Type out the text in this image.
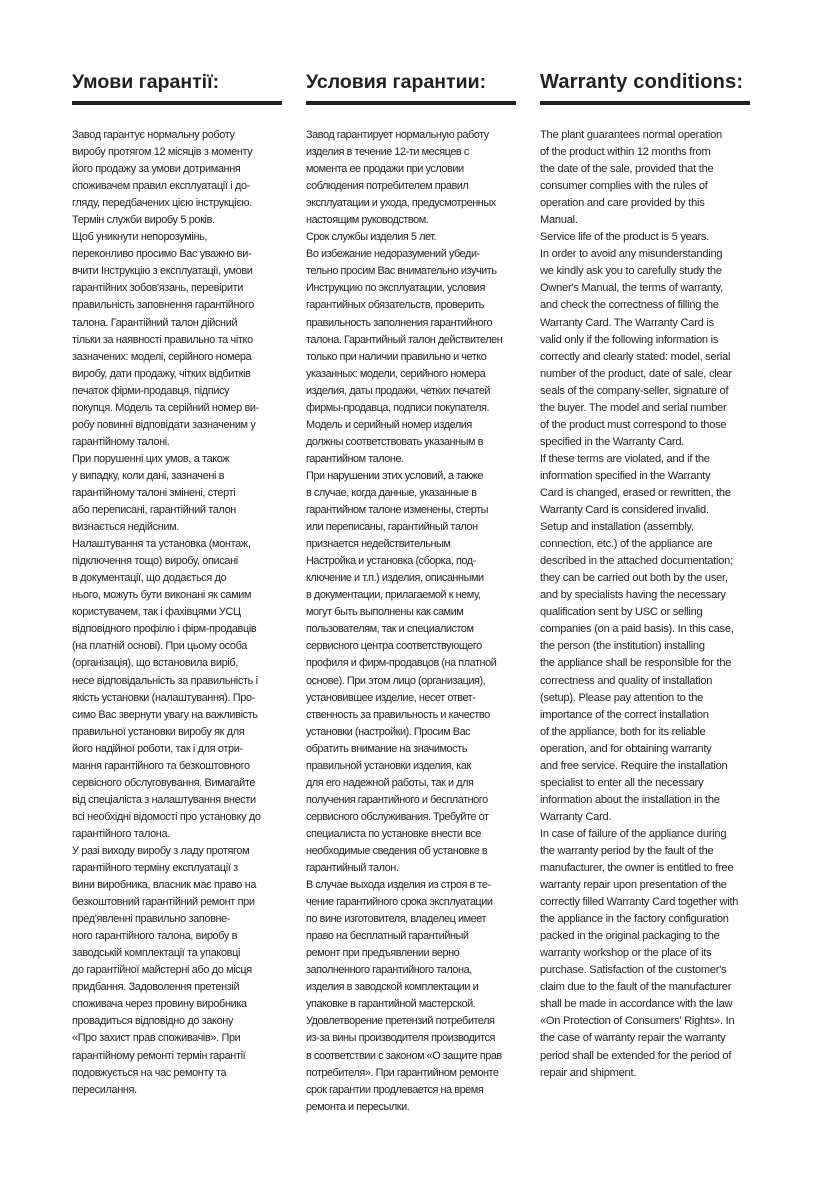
Умови гарантії:
Завод гарантує нормальну роботу
виробу протягом 12 місяців з моменту
його продажу за умови дотримання
споживачем правил експлуатації і до-
гляду, передбачених цією інструкцією.
Термін служби виробу 5 років.
Щоб уникнути непорозумінь,
переконливо просимо Вас уважно ви-
вчити Інструкцію з експлуатації, умови
гарантійних зобов'язань, перевірити
правильність заповнення гарантійного
талона. Гарантійний талон дійсний
тільки за наявності правильно та чітко
зазначених: моделі, серійного номера
виробу, дати продажу, чітких відбитків
печаток фірми-продавця, підпису
покупця. Модель та серійний номер ви-
робу повинні відповідати зазначеним у
гарантійному талоні.
При порушенні цих умов, а також
у випадку, коли дані, зазначені в
гарантійному талоні змінені, стерті
або переписані, гарантійний талон
визнається недійсним.
Налаштування та установка (монтаж,
підключення тощо) виробу, описані
в документації, що додається до
нього, можуть бути виконані як самим
користувачем, так і фахівцями УСЦ
відповідного профілю і фірм-продавців
(на платній основі). При цьому особа
(організація), що встановила виріб,
несе відповідальність за правильність і
якість установки (налаштування). Про-
симо Вас звернути увагу на важливість
правильної установки виробу як для
його надійної роботи, так і для отри-
мання гарантійного та безкоштовного
сервісного обслуговування. Вимагайте
від спеціаліста з налаштування внести
всі необхідні відомості про установку до
гарантійного талона.
У разі виходу виробу з ладу протягом
гарантійного терміну експлуатації з
вини виробника, власник має право на
безкоштовний гарантійний ремонт при
пред'явленні правильно заповне-
ного гарантійного талона, виробу в
заводській комплектації та упаковці
до гарантійної майстерні або до місця
придбання. Задоволення претензій
споживача через провину виробника
провадиться відповідно до закону
«Про захист прав споживачів». При
гарантійному ремонті термін гарантії
подовжується на час ремонту та
пересилання.
Условия гарантии:
Завод гарантирует нормальную работу
изделия в течение 12-ти месяцев с
момента ее продажи при условии
соблюдения потребителем правил
эксплуатации и ухода, предусмотренных
настоящим руководством.
Срок службы изделия 5 лет.
Во избежание недоразумений убеди-
тельно просим Вас внимательно изучить
Инструкцию по эксплуатации, условия
гарантийных обязательств, проверить
правильность заполнения гарантийного
талона. Гарантийный талон действителен
только при наличии правильно и четко
указанных: модели, серийного номера
изделия, даты продажи, четких печатей
фирмы-продавца, подписи покупателя.
Модель и серийный номер изделия
должны соответствовать указанным в
гарантийном талоне.
При нарушении этих условий, а также
в случае, когда данные, указанные в
гарантийном талоне изменены, стерты
или переписаны, гарантийный талон
признается недействительным
Настройка и установка (сборка, под-
ключение и т.п.) изделия, описанными
в документации, прилагаемой к нему,
могут быть выполнены как самим
пользователям, так и специалистом
сервисного центра соответствующего
профиля и фирм-продавцов (на платной
основе). При этом лицо (организация),
установившее изделие, несет ответ-
ственность за правильность и качество
установки (настройки). Просим Вас
обратить внимание на значимость
правильной установки изделия, как
для его надежной работы, так и для
получения гарантийного и бесплатного
сервисного обслуживания. Требуйте от
специалиста по установке внести все
необходимые сведения об установке в
гарантийный талон.
В случае выхода изделия из строя в те-
чение гарантийного срока эксплуатации
по вине изготовителя, владелец имеет
право на бесплатный гарантийный
ремонт при предъявлении верно
заполненного гарантийного талона,
изделия в заводской комплектации и
упаковке в гарантийной мастерской.
Удовлетворение претензий потребителя
из-за вины производителя производится
в соответствии с законом «О защите прав
потребителя». При гарантийном ремонте
срок гарантии продлевается на время
ремонта и пересылки.
Warranty conditions:
The plant guarantees normal operation
of the product within 12 months from
the date of the sale, provided that the
consumer complies with the rules of
operation and care provided by this
Manual.
Service life of the product is 5 years.
In order to avoid any misunderstanding
we kindly ask you to carefully study the
Owner's Manual, the terms of warranty,
and check the correctness of filling the
Warranty Card. The Warranty Card is
valid only if the following information is
correctly and clearly stated: model, serial
number of the product, date of sale, clear
seals of the company-seller, signature of
the buyer. The model and serial number
of the product must correspond to those
specified in the Warranty Card.
If these terms are violated, and if the
information specified in the Warranty
Card is changed, erased or rewritten, the
Warranty Card is considered invalid.
Setup and installation (assembly,
connection, etc.) of the appliance are
described in the attached documentation;
they can be carried out both by the user,
and by specialists having the necessary
qualification sent by USC or selling
companies (on a paid basis). In this case,
the person (the institution) installing
the appliance shall be responsible for the
correctness and quality of installation
(setup). Please pay attention to the
importance of the correct installation
of the appliance, both for its reliable
operation, and for obtaining warranty
and free service. Require the installation
specialist to enter all the necessary
information about the installation in the
Warranty Card.
In case of failure of the appliance during
the warranty period by the fault of the
manufacturer, the owner is entitled to free
warranty repair upon presentation of the
correctly filled Warranty Card together with
the appliance in the factory configuration
packed in the original packaging to the
warranty workshop or the place of its
purchase. Satisfaction of the customer's
claim due to the fault of the manufacturer
shall be made in accordance with the law
«On Protection of Consumers' Rights». In
the case of warranty repair the warranty
period shall be extended for the period of
repair and shipment.
